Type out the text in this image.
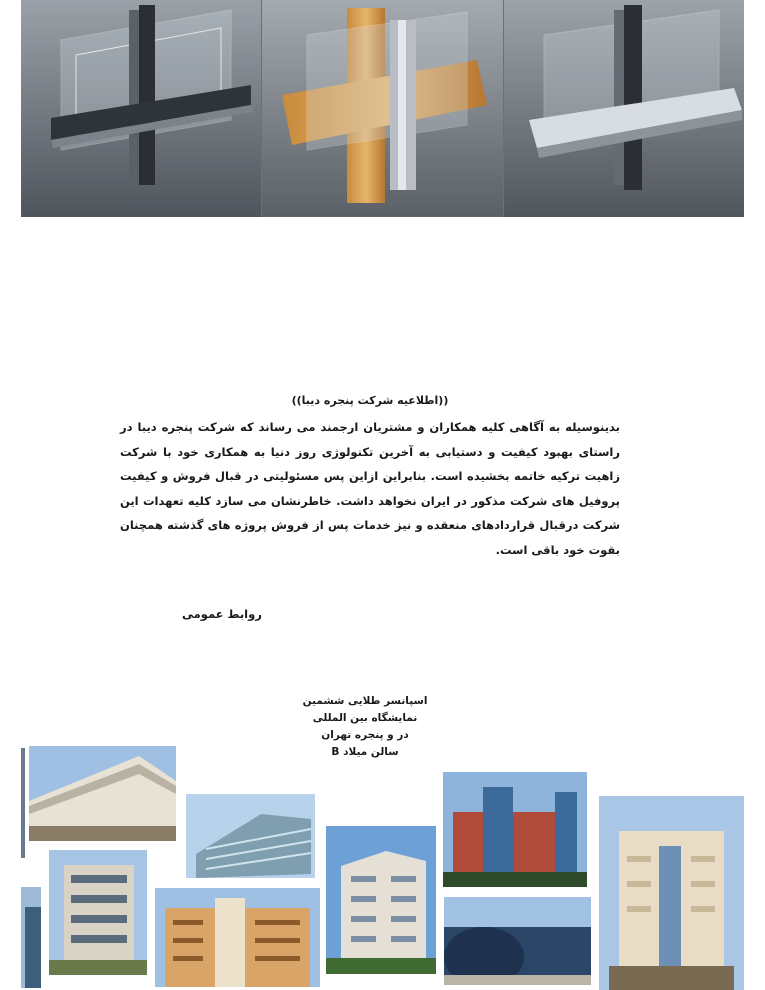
((اطلاعیه شرکت پنجره دیبا))

بدینوسیله به آگاهی کلیه همکاران و مشتریان ارجمند می رساند که شرکت پنجره دیبا در راستای بهبود کیفیت و دستیابی به آخرین تکنولوژی روز دنیا به همکاری خود با شرکت زاهیت ترکیه خاتمه بخشیده است. بنابراین ازاین پس مسئولیتی در قبال فروش و کیفیت پروفیل های شرکت مذکور در ایران نخواهد داشت. خاطرنشان می سازد کلیه تعهدات این شرکت درقبال قراردادهای منعقده و نیز خدمات پس از فروش پروژه های گذشته همچنان بقوت خود باقی است.

روابط عمومی
اسپانسر طلایی ششمین
نمایشگاه بین المللی
در و پنجره تهران
سالن میلاد B
